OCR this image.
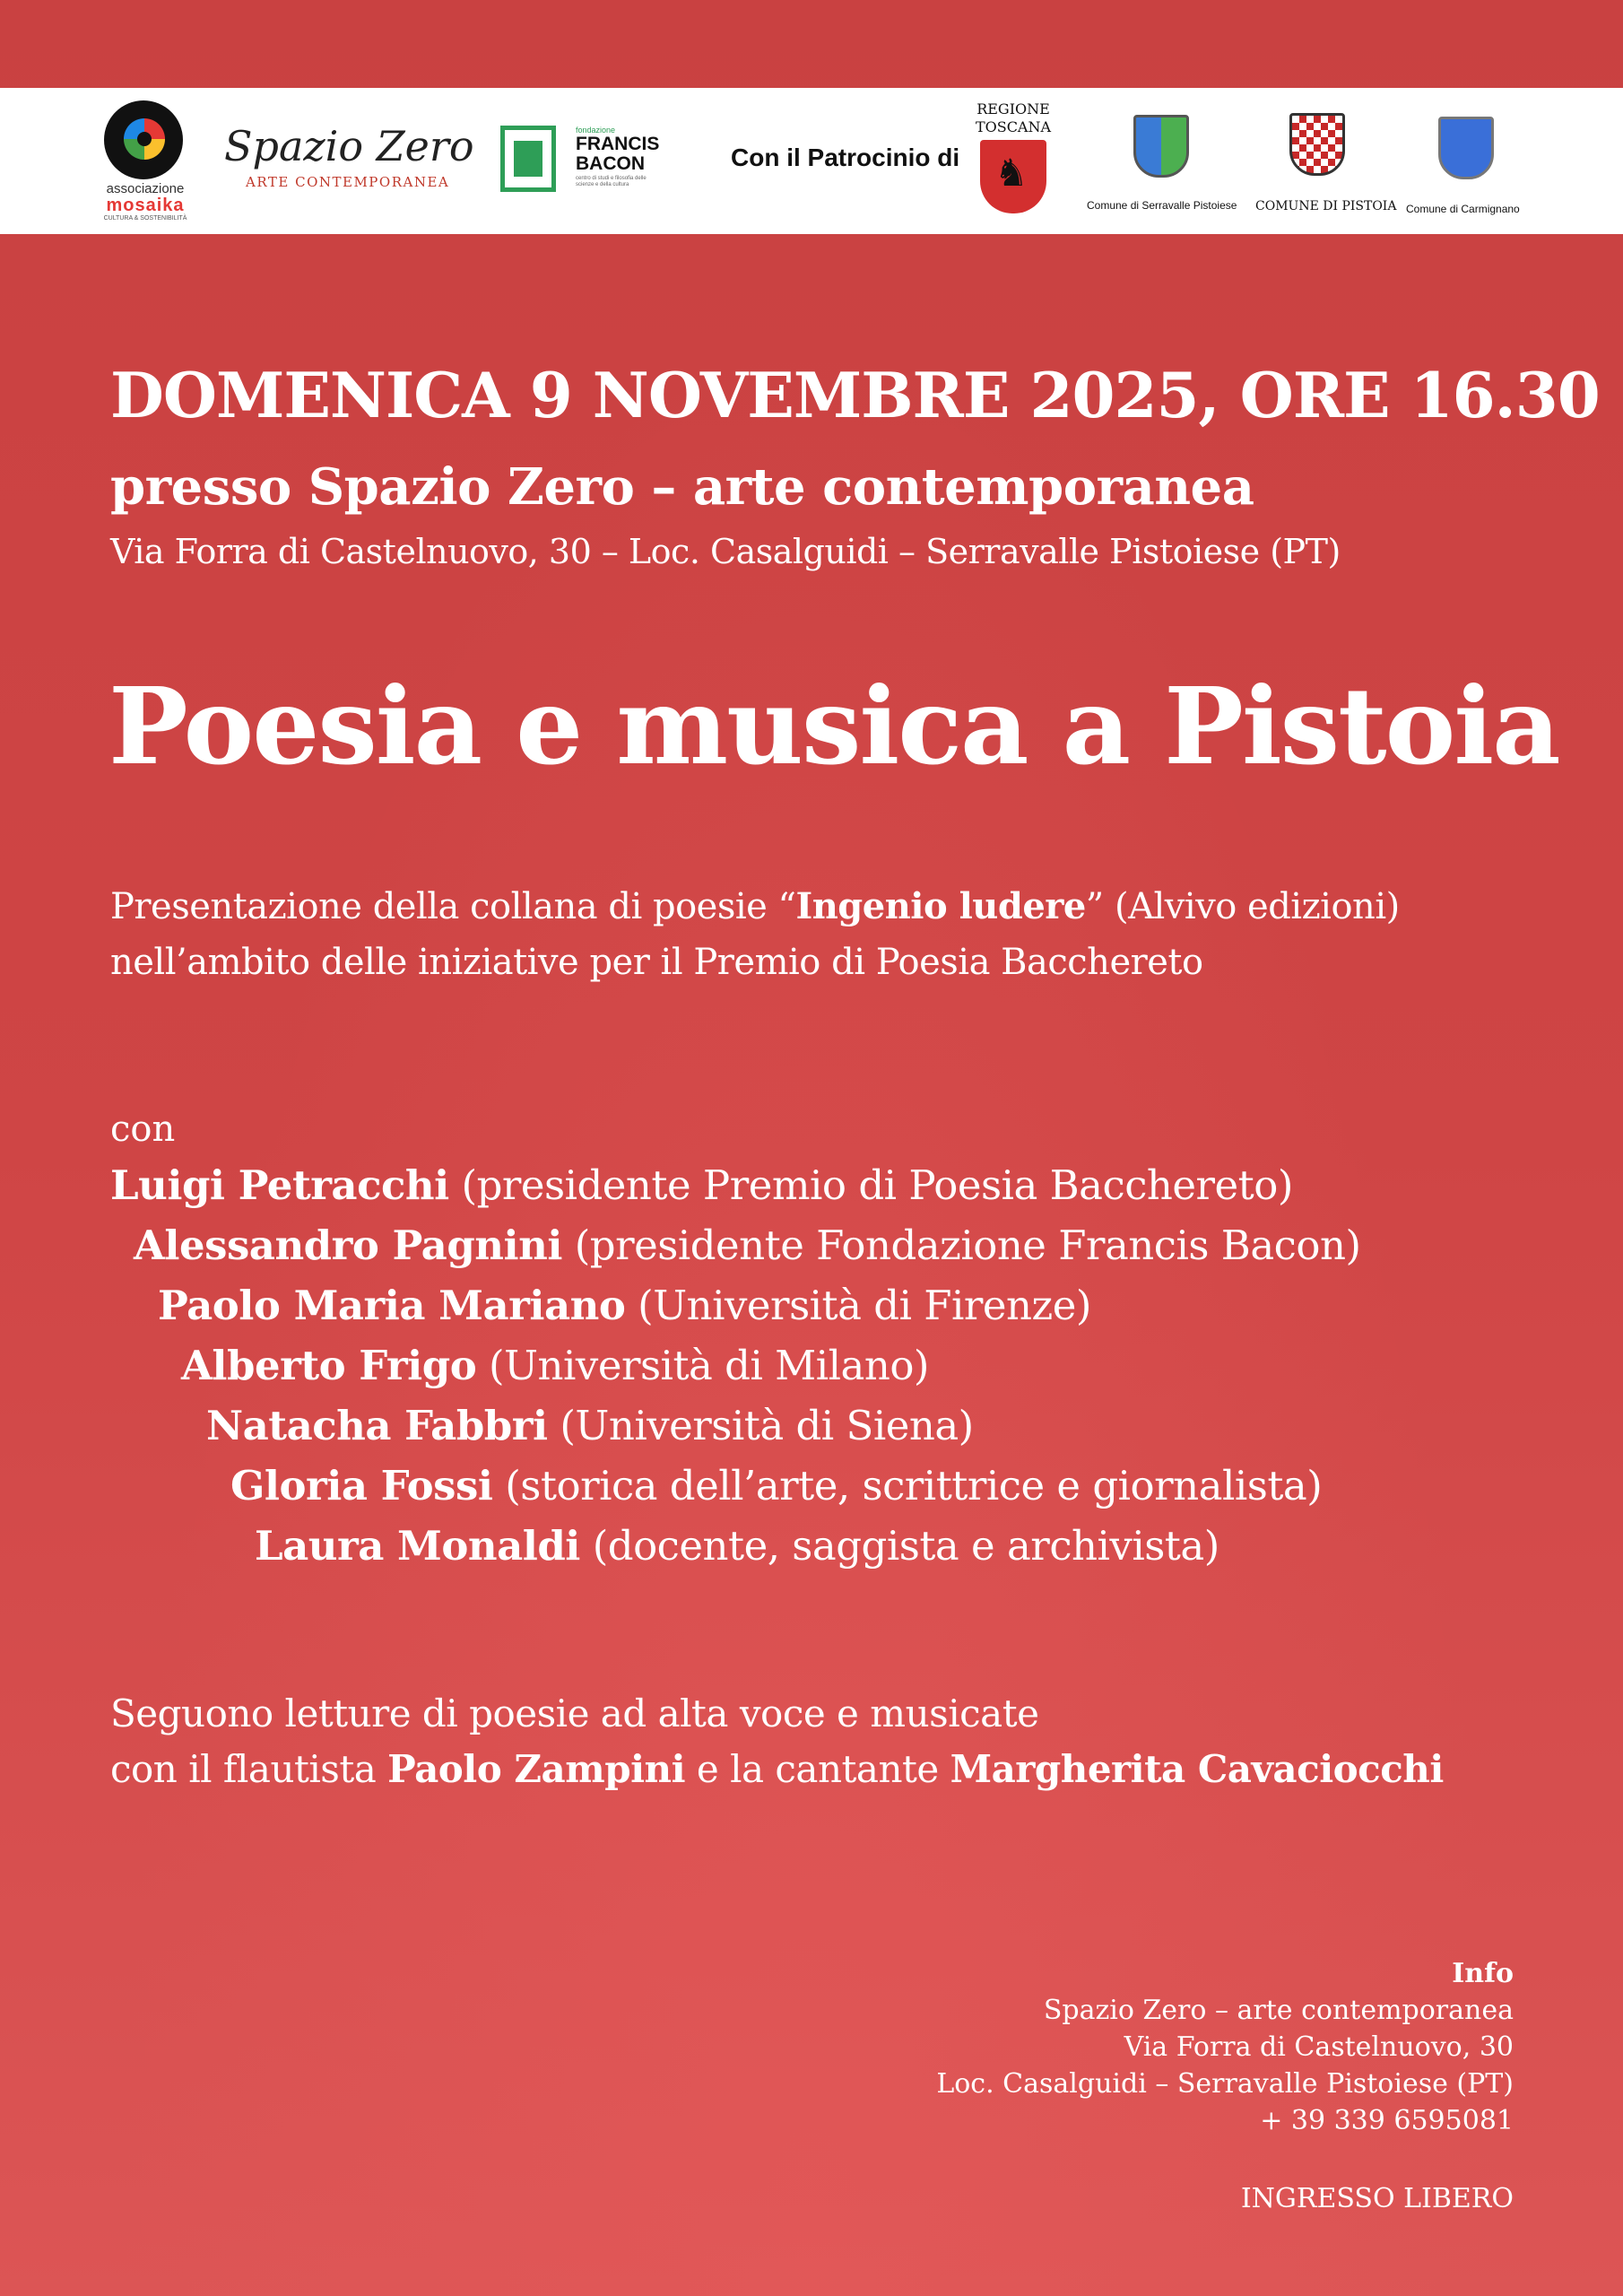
associazione
mosaika
CULTURA & SOSTENIBILITÀ
Spazio Zero
ARTE CONTEMPORANEA
fondazione
FRANCIS
BACON
centro di studi e filosofia delle scienze e della cultura
Con il Patrocinio di
REGIONE
TOSCANA
♞
Comune di Serravalle Pistoiese COMUNE DI PISTOIA Comune di Carmignano
DOMENICA 9 NOVEMBRE 2025, ORE 16.30
presso Spazio Zero – arte contemporanea
Via Forra di Castelnuovo, 30 – Loc. Casalguidi – Serravalle Pistoiese (PT)
Poesia e musica a Pistoia
Presentazione della collana di poesie “Ingenio ludere” (Alvivo edizioni)
nell’ambito delle iniziative per il Premio di Poesia Bacchereto
con
Luigi Petracchi (presidente Premio di Poesia Bacchereto)
Alessandro Pagnini (presidente Fondazione Francis Bacon)
Paolo Maria Mariano (Università di Firenze)
Alberto Frigo (Università di Milano)
Natacha Fabbri (Università di Siena)
Gloria Fossi (storica dell’arte, scrittrice e giornalista)
Laura Monaldi (docente, saggista e archivista)
Seguono letture di poesie ad alta voce e musicate
con il flautista Paolo Zampini e la cantante Margherita Cavaciocchi
Info
Spazio Zero – arte contemporanea
Via Forra di Castelnuovo, 30
Loc. Casalguidi – Serravalle Pistoiese (PT)
+ 39 339 6595081
INGRESSO LIBERO
